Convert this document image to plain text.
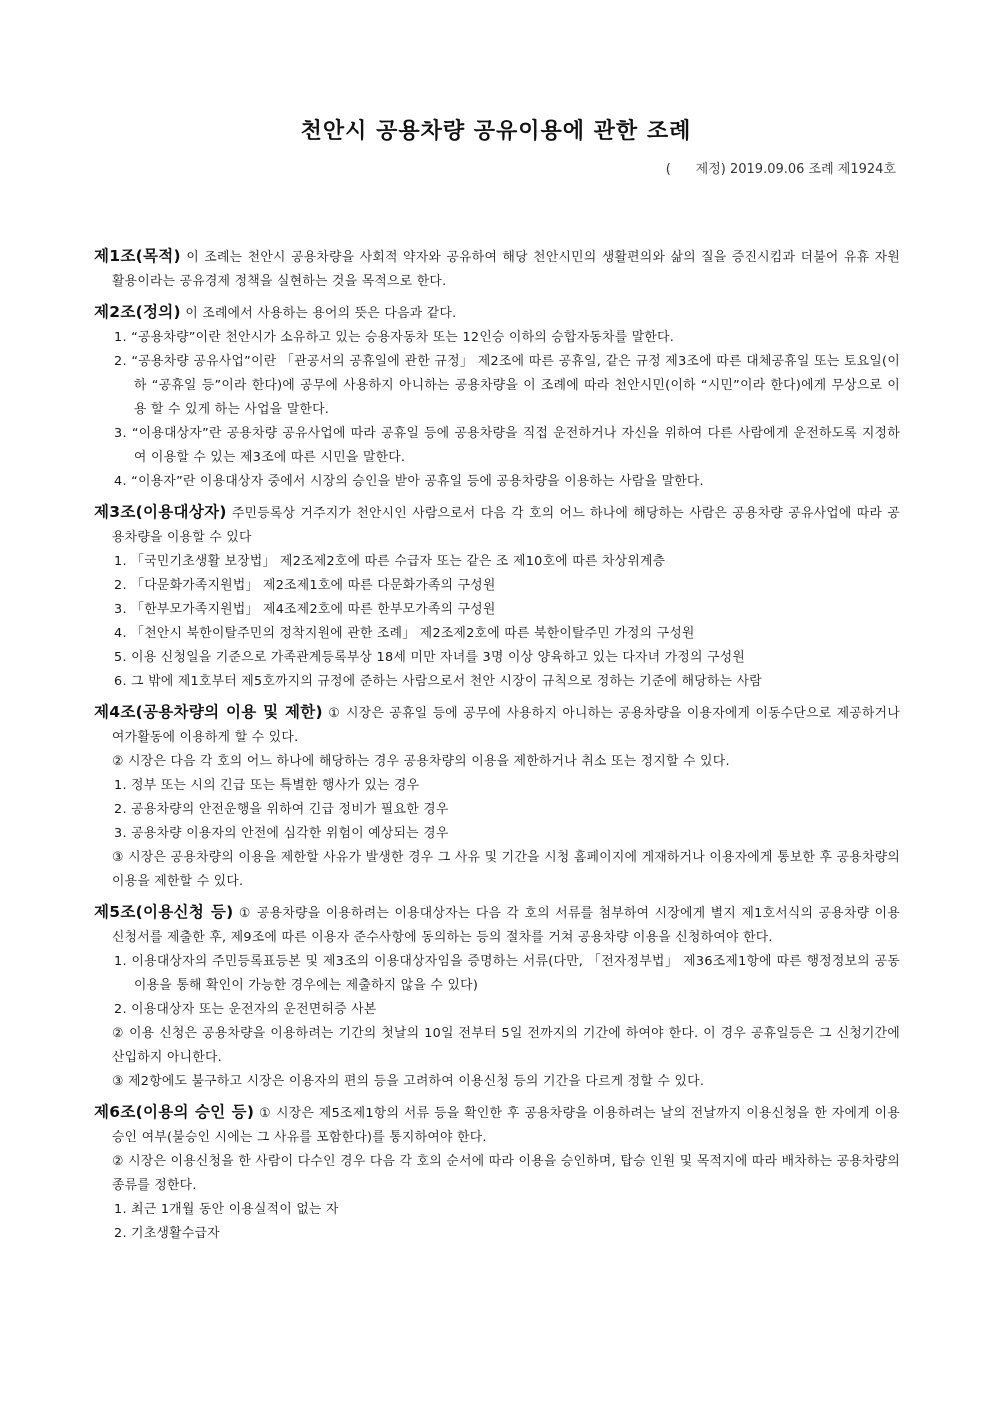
천안시 공용차량 공유이용에 관한 조례
(      제정) 2019.09.06 조례 제1924호
제1조(목적) 이 조례는 천안시 공용차량을 사회적 약자와 공유하여 해당 천안시민의 생활편의와 삶의 질을 증진시킴과 더불어 유휴 자원 활용이라는 공유경제 정책을 실현하는 것을 목적으로 한다.
제2조(정의) 이 조례에서 사용하는 용어의 뜻은 다음과 같다.
1. “공용차량”이란 천안시가 소유하고 있는 승용자동차 또는 12인승 이하의 승합자동차를 말한다.
2. “공용차량 공유사업”이란 「관공서의 공휴일에 관한 규정」 제2조에 따른 공휴일, 같은 규정 제3조에 따른 대체공휴일 또는 토요일(이하 “공휴일 등”이라 한다)에 공무에 사용하지 아니하는 공용차량을 이 조례에 따라 천안시민(이하 “시민”이라 한다)에게 무상으로 이용 할 수 있게 하는 사업을 말한다.
3. “이용대상자”란 공용차량 공유사업에 따라 공휴일 등에 공용차량을 직접 운전하거나 자신을 위하여 다른 사람에게 운전하도록 지정하여 이용할 수 있는 제3조에 따른 시민을 말한다.
4. “이용자”란 이용대상자 중에서 시장의 승인을 받아 공휴일 등에 공용차량을 이용하는 사람을 말한다.
제3조(이용대상자) 주민등록상 거주지가 천안시인 사람으로서 다음 각 호의 어느 하나에 해당하는 사람은 공용차량 공유사업에 따라 공용차량을 이용할 수 있다
1. 「국민기초생활 보장법」 제2조제2호에 따른 수급자 또는 같은 조 제10호에 따른 차상위계층
2. 「다문화가족지원법」 제2조제1호에 따른 다문화가족의 구성원
3. 「한부모가족지원법」 제4조제2호에 따른 한부모가족의 구성원
4. 「천안시 북한이탈주민의 정착지원에 관한 조례」 제2조제2호에 따른 북한이탈주민 가정의 구성원
5. 이용 신청일을 기준으로 가족관계등록부상 18세 미만 자녀를 3명 이상 양육하고 있는 다자녀 가정의 구성원
6. 그 밖에 제1호부터 제5호까지의 규정에 준하는 사람으로서 천안 시장이 규칙으로 정하는 기준에 해당하는 사람
제4조(공용차량의 이용 및 제한) ① 시장은 공휴일 등에 공무에 사용하지 아니하는 공용차량을 이용자에게 이동수단으로 제공하거나 여가활동에 이용하게 할 수 있다.
② 시장은 다음 각 호의 어느 하나에 해당하는 경우 공용차량의 이용을 제한하거나 취소 또는 정지할 수 있다.
1. 정부 또는 시의 긴급 또는 특별한 행사가 있는 경우
2. 공용차량의 안전운행을 위하여 긴급 정비가 필요한 경우
3. 공용차량 이용자의 안전에 심각한 위험이 예상되는 경우
③ 시장은 공용차량의 이용을 제한할 사유가 발생한 경우 그 사유 및 기간을 시청 홈페이지에 게재하거나 이용자에게 통보한 후 공용차량의 이용을 제한할 수 있다.
제5조(이용신청 등) ① 공용차량을 이용하려는 이용대상자는 다음 각 호의 서류를 첨부하여 시장에게 별지 제1호서식의 공용차량 이용 신청서를 제출한 후, 제9조에 따른 이용자 준수사항에 동의하는 등의 절차를 거쳐 공용차량 이용을 신청하여야 한다.
1. 이용대상자의 주민등록표등본 및 제3조의 이용대상자임을 증명하는 서류(다만, 「전자정부법」 제36조제1항에 따른 행정정보의 공동이용을 통해 확인이 가능한 경우에는 제출하지 않을 수 있다)
2. 이용대상자 또는 운전자의 운전면허증 사본
② 이용 신청은 공용차량을 이용하려는 기간의 첫날의 10일 전부터 5일 전까지의 기간에 하여야 한다. 이 경우 공휴일등은 그 신청기간에 산입하지 아니한다.
③ 제2항에도 불구하고 시장은 이용자의 편의 등을 고려하여 이용신청 등의 기간을 다르게 정할 수 있다.
제6조(이용의 승인 등) ① 시장은 제5조제1항의 서류 등을 확인한 후 공용차량을 이용하려는 날의 전날까지 이용신청을 한 자에게 이용승인 여부(불승인 시에는 그 사유를 포함한다)를 통지하여야 한다.
② 시장은 이용신청을 한 사람이 다수인 경우 다음 각 호의 순서에 따라 이용을 승인하며, 탑승 인원 및 목적지에 따라 배차하는 공용차량의 종류를 정한다.
1. 최근 1개월 동안 이용실적이 없는 자
2. 기초생활수급자
